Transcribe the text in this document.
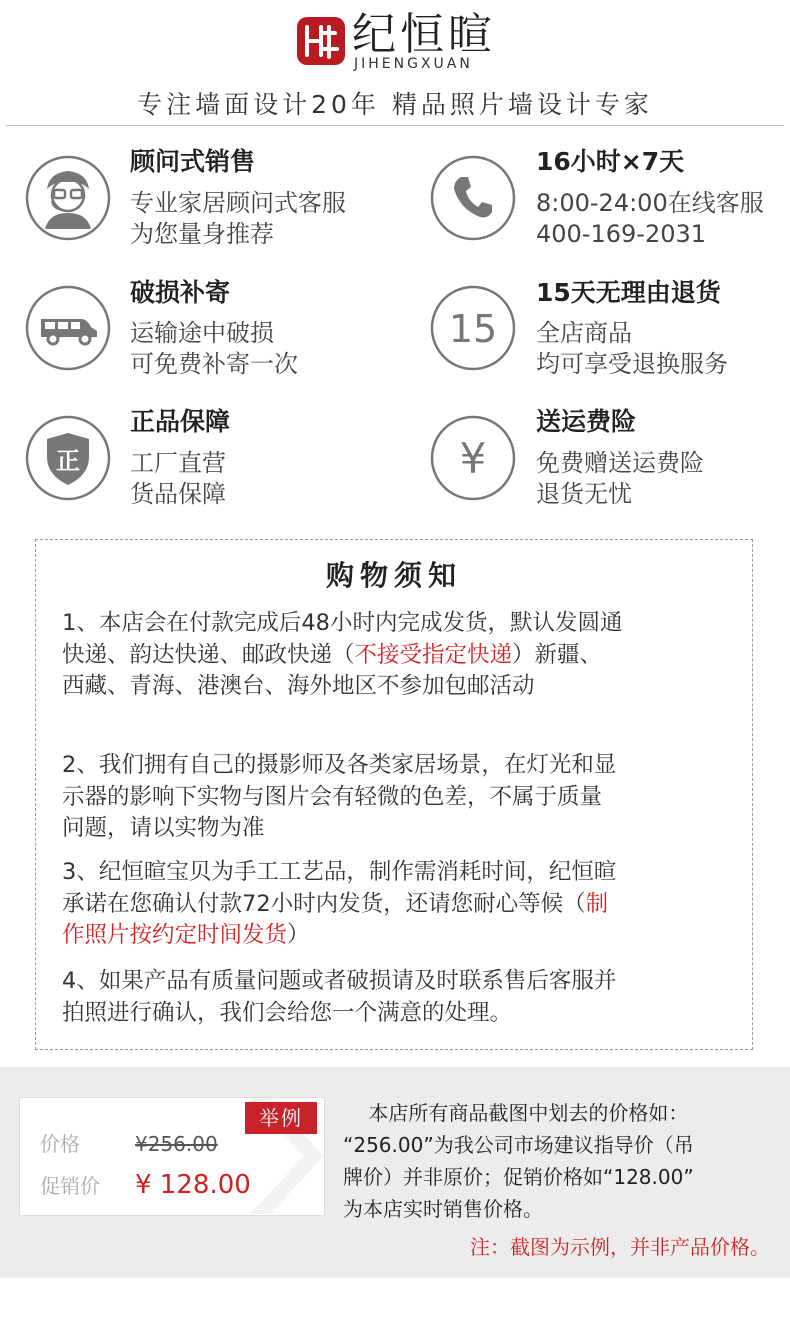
纪恒暄
JIHENGXUAN
专注墙面设计20年 精品照片墙设计专家
顾问式销售
专业家居顾问式客服
为您量身推荐
16小时×7天
8:00-24:00在线客服
400-169-2031
破损补寄
运输途中破损
可免费补寄一次
15
15天无理由退货
全店商品
均可享受退换服务
正
正品保障
工厂直营
货品保障
¥
送运费险
免费赠送运费险
退货无忧
购物须知
1、本店会在付款完成后48小时内完成发货，默认发圆通
快递、韵达快递、邮政快递（不接受指定快递）新疆、
西藏、青海、港澳台、海外地区不参加包邮活动
2、我们拥有自己的摄影师及各类家居场景，在灯光和显
示器的影响下实物与图片会有轻微的色差，不属于质量
问题，请以实物为准
3、纪恒暄宝贝为手工工艺品，制作需消耗时间，纪恒暄
承诺在您确认付款72小时内发货，还请您耐心等候（制
作照片按约定时间发货）
4、如果产品有质量问题或者破损请及时联系售后客服并
拍照进行确认，我们会给您一个满意的处理。
举例
价格	¥256.00
促销价 ¥ 128.00
本店所有商品截图中划去的价格如：
“256.00”为我公司市场建议指导价（吊
牌价）并非原价；促销价格如“128.00”
为本店实时销售价格。
注：截图为示例，并非产品价格。
